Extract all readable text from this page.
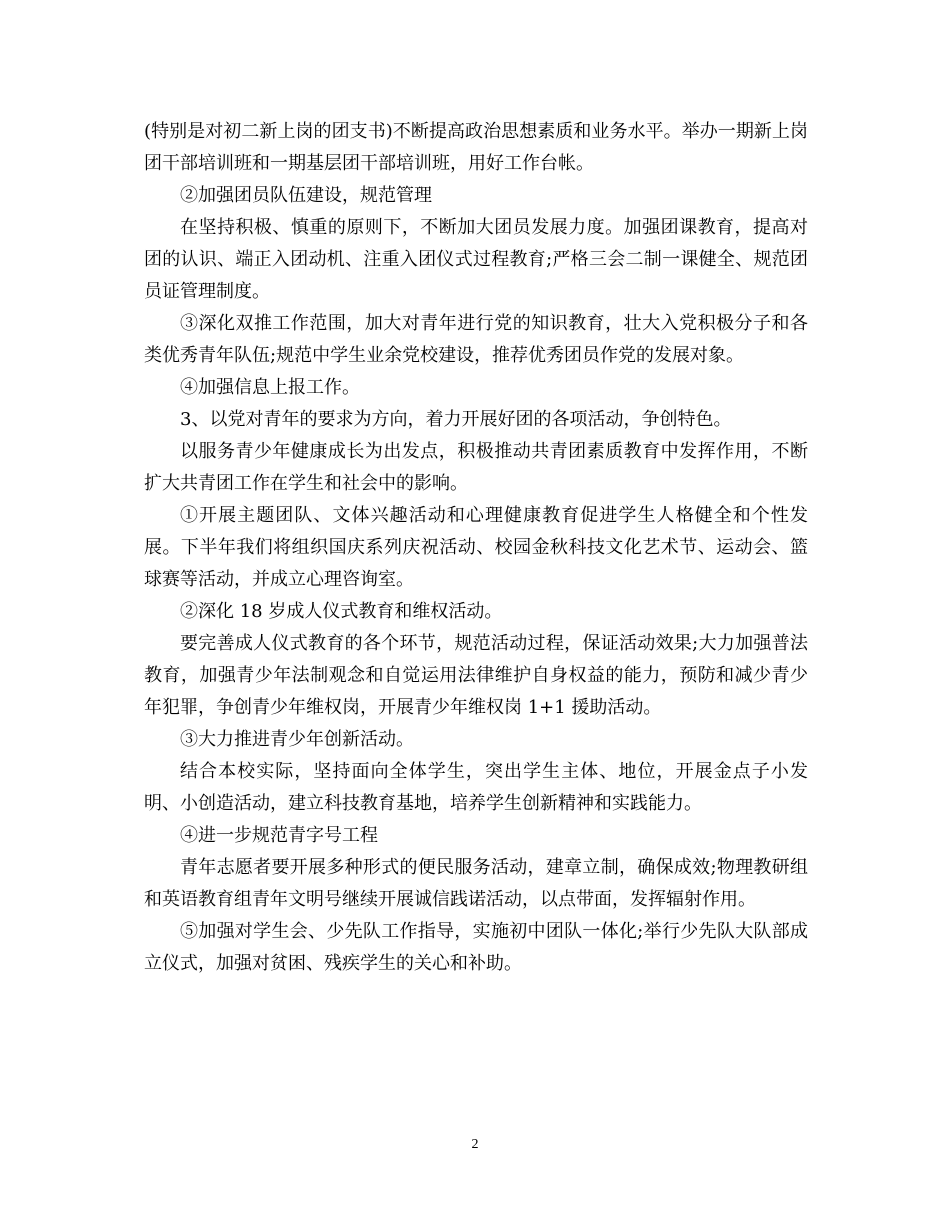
(特别是对初二新上岗的团支书)不断提高政治思想素质和业务水平。举办一期新上岗团干部培训班和一期基层团干部培训班，用好工作台帐。

②加强团员队伍建设，规范管理

在坚持积极、慎重的原则下，不断加大团员发展力度。加强团课教育，提高对团的认识、端正入团动机、注重入团仪式过程教育;严格三会二制一课健全、规范团员证管理制度。

③深化双推工作范围，加大对青年进行党的知识教育，壮大入党积极分子和各类优秀青年队伍;规范中学生业余党校建设，推荐优秀团员作党的发展对象。

④加强信息上报工作。

3、以党对青年的要求为方向，着力开展好团的各项活动，争创特色。

以服务青少年健康成长为出发点，积极推动共青团素质教育中发挥作用，不断扩大共青团工作在学生和社会中的影响。

①开展主题团队、文体兴趣活动和心理健康教育促进学生人格健全和个性发展。下半年我们将组织国庆系列庆祝活动、校园金秋科技文化艺术节、运动会、篮球赛等活动，并成立心理咨询室。

②深化 18 岁成人仪式教育和维权活动。

要完善成人仪式教育的各个环节，规范活动过程，保证活动效果;大力加强普法教育，加强青少年法制观念和自觉运用法律维护自身权益的能力，预防和减少青少年犯罪，争创青少年维权岗，开展青少年维权岗 1+1 援助活动。

③大力推进青少年创新活动。

结合本校实际，坚持面向全体学生，突出学生主体、地位，开展金点子小发明、小创造活动，建立科技教育基地，培养学生创新精神和实践能力。

④进一步规范青字号工程

青年志愿者要开展多种形式的便民服务活动，建章立制，确保成效;物理教研组和英语教育组青年文明号继续开展诚信践诺活动，以点带面，发挥辐射作用。

⑤加强对学生会、少先队工作指导，实施初中团队一体化;举行少先队大队部成立仪式，加强对贫困、残疾学生的关心和补助。

2
